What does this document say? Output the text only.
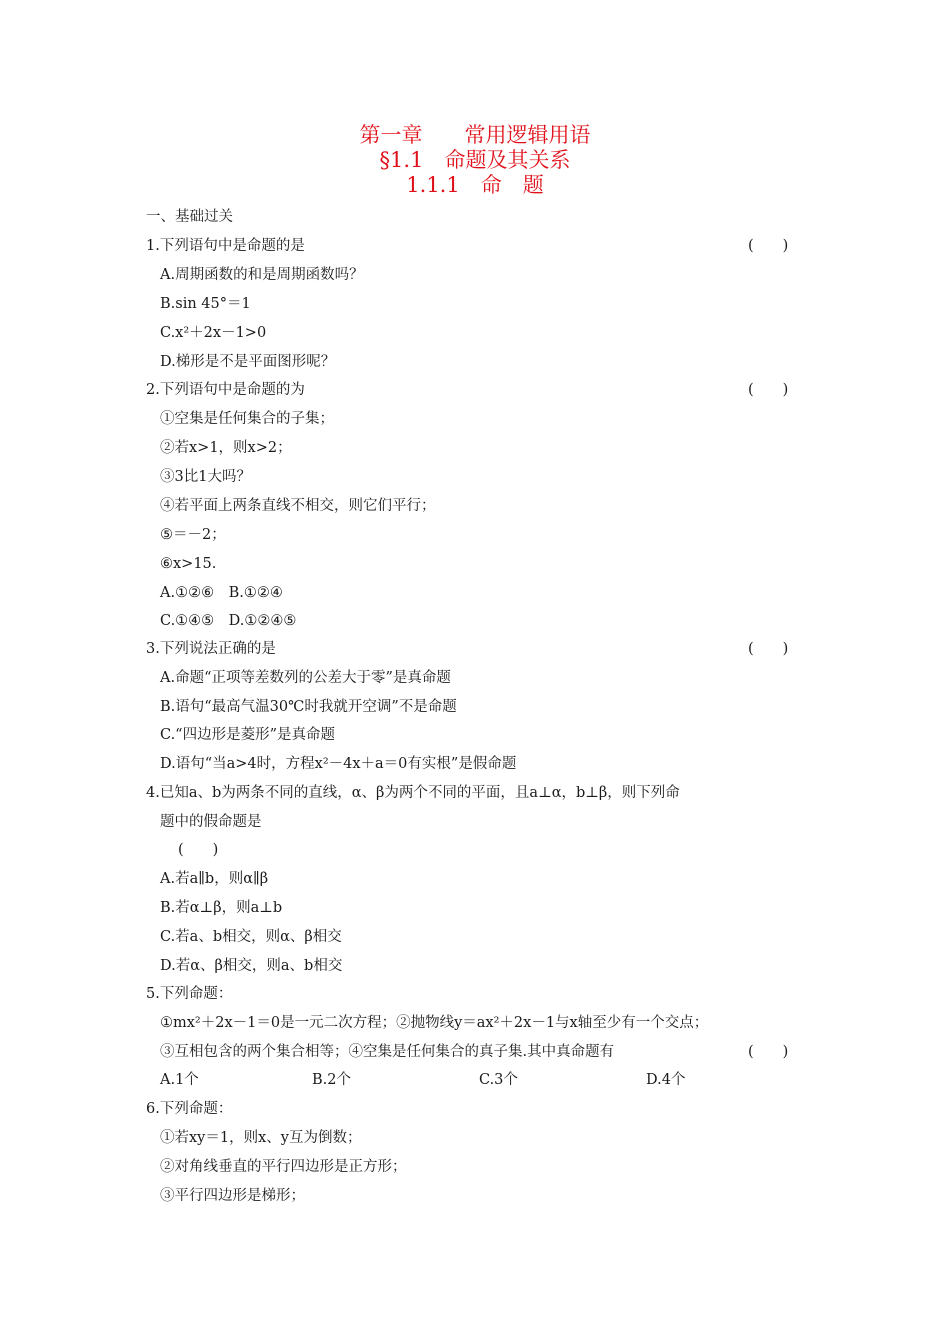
第一章　　常用逻辑用语
§1.1　命题及其关系
1.1.1　命　题
一、基础过关
1.下列语句中是命题的是	(　　)
A.周期函数的和是周期函数吗？
B.sin 45°＝1
C.x²＋2x－1>0
D.梯形是不是平面图形呢？
2.下列语句中是命题的为	(　　)
①空集是任何集合的子集；
②若x>1，则x>2；
③3比1大吗？
④若平面上两条直线不相交，则它们平行；
⑤＝－2；
⑥x>15.
A.①②⑥　B.①②④
C.①④⑤　D.①②④⑤
3.下列说法正确的是	(　　)
A.命题“正项等差数列的公差大于零”是真命题
B.语句“最高气温30℃时我就开空调”不是命题
C.“四边形是菱形”是真命题
D.语句“当a>4时，方程x²－4x＋a＝0有实根”是假命题
4.已知a、b为两条不同的直线，α、β为两个不同的平面，且a⊥α，b⊥β，则下列命
题中的假命题是
(　　)
A.若a∥b，则α∥β
B.若α⊥β，则a⊥b
C.若a、b相交，则α、β相交
D.若α、β相交，则a、b相交
5.下列命题：
①mx²＋2x－1＝0是一元二次方程；②抛物线y＝ax²＋2x－1与x轴至少有一个交点；
③互相包含的两个集合相等；④空集是任何集合的真子集.其中真命题有	(　　)
A.1个	B.2个	C.3个	D.4个
6.下列命题：
①若xy＝1，则x、y互为倒数；
②对角线垂直的平行四边形是正方形；
③平行四边形是梯形；
